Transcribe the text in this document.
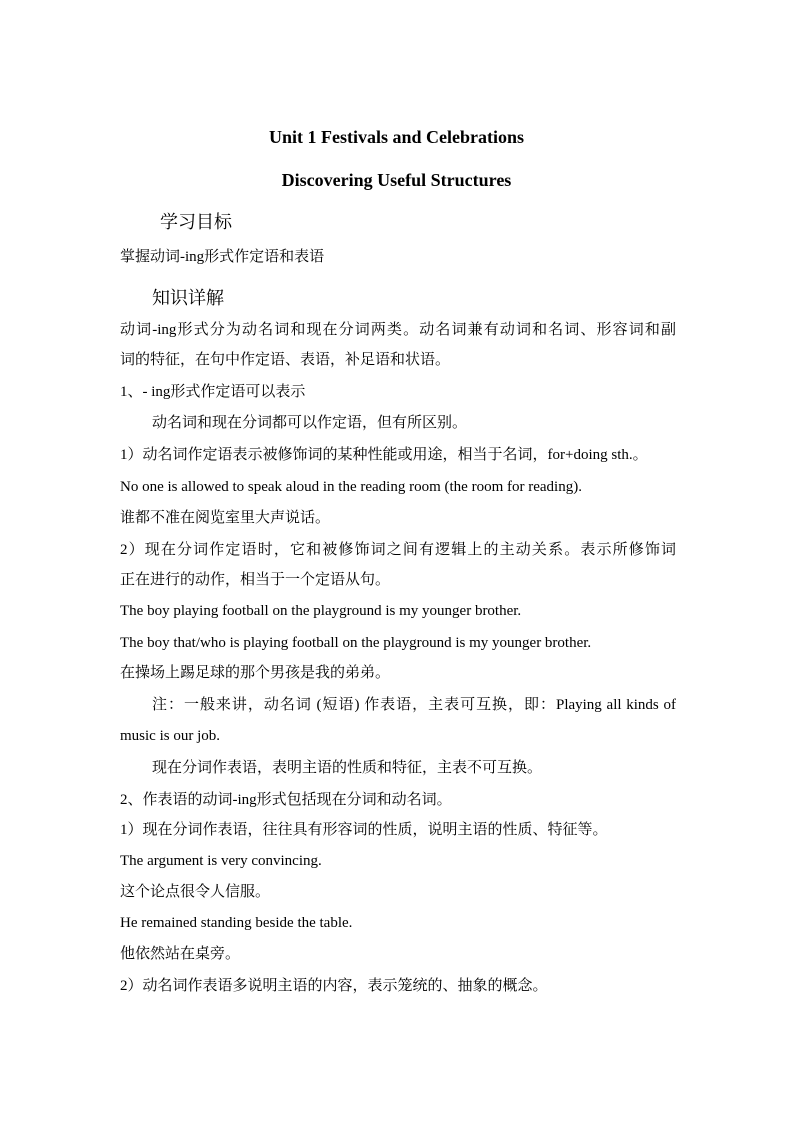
Unit 1 Festivals and Celebrations
Discovering Useful Structures
学习目标
掌握动词-ing形式作定语和表语
知识详解
动词-ing形式分为动名词和现在分词两类。动名词兼有动词和名词、形容词和副
词的特征，在句中作定语、表语，补足语和状语。
1、- ing形式作定语可以表示
动名词和现在分词都可以作定语，但有所区别。
1）动名词作定语表示被修饰词的某种性能或用途，相当于名词，for+doing sth.。
No one is allowed to speak aloud in the reading room (the room for reading).
谁都不准在阅览室里大声说话。
2）现在分词作定语时，它和被修饰词之间有逻辑上的主动关系。表示所修饰词
正在进行的动作，相当于一个定语从句。
The boy playing football on the playground is my younger brother.
The boy that/who is playing football on the playground is my younger brother.
在操场上踢足球的那个男孩是我的弟弟。
注：一般来讲，动名词 (短语) 作表语，主表可互换，即：Playing all kinds of
music is our job.
现在分词作表语，表明主语的性质和特征，主表不可互换。
2、作表语的动词-ing形式包括现在分词和动名词。
1）现在分词作表语，往往具有形容词的性质，说明主语的性质、特征等。
The argument is very convincing.
这个论点很令人信服。
He remained standing beside the table.
他依然站在桌旁。
2）动名词作表语多说明主语的内容，表示笼统的、抽象的概念。
